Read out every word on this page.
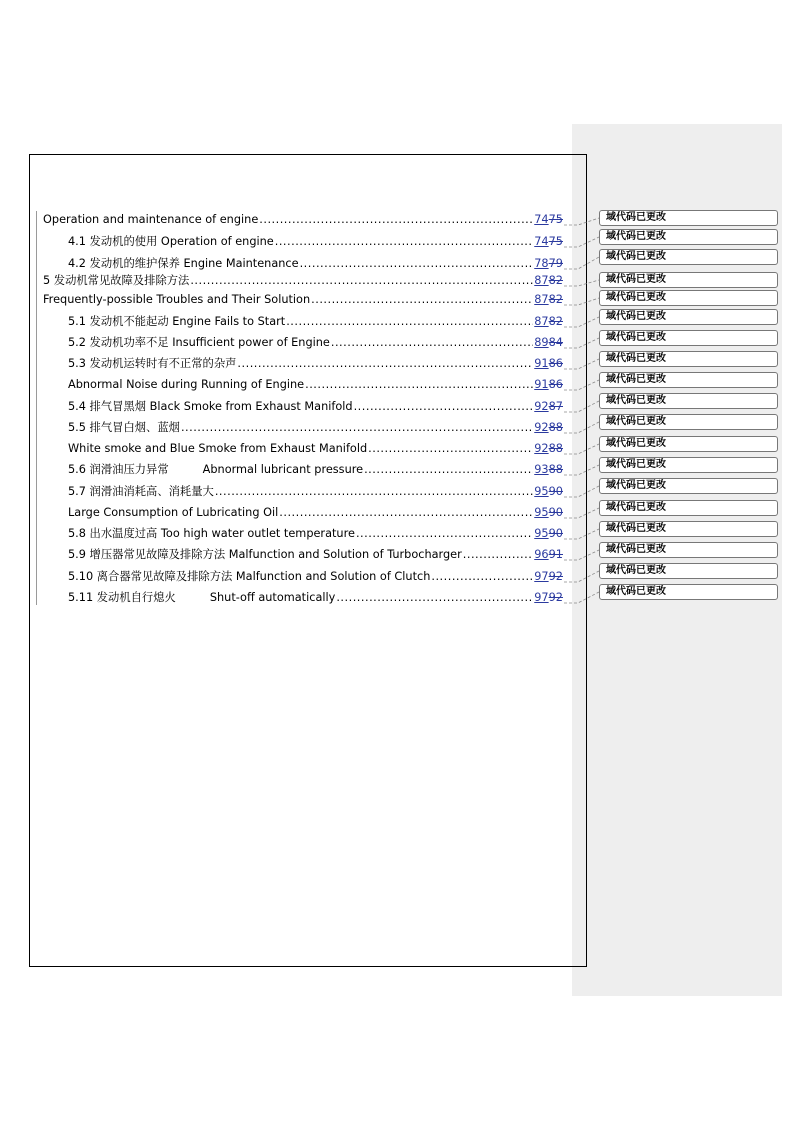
Operation and maintenance of engine .....	7475
4.1 发动机的使用 Operation of engine .....	7475
4.2 发动机的维护保养 Engine Maintenance .....	7879
5 发动机常见故障及排除方法 .....	8782
Frequently-possible Troubles and Their Solution .....	8782
5.1 发动机不能起动 Engine Fails to Start .....	8782
5.2 发动机功率不足 Insufficient power of Engine .....	8984
5.3 发动机运转时有不正常的杂声 .....	9186
Abnormal Noise during Running of Engine .....	9186
5.4 排气冒黑烟 Black Smoke from Exhaust Manifold .....	9287
5.5 排气冒白烟、蓝烟 .....	9288
White smoke and Blue Smoke from Exhaust Manifold .....	9288
5.6 润滑油压力异常	Abnormal lubricant pressure .....	9388
5.7 润滑油消耗高、消耗量大 .....	9590
Large Consumption of Lubricating Oil .....	9590
5.8 出水温度过高 Too high water outlet temperature .....	9590
5.9 增压器常见故障及排除方法 Malfunction and Solution of Turbocharger .....	9691
5.10 离合器常见故障及排除方法 Malfunction and Solution of Clutch .....	9792
5.11 发动机自行熄火	Shut-off automatically .....	9792
域代码已更改
域代码已更改
域代码已更改
域代码已更改
域代码已更改
域代码已更改
域代码已更改
域代码已更改
域代码已更改
域代码已更改
域代码已更改
域代码已更改
域代码已更改
域代码已更改
域代码已更改
域代码已更改
域代码已更改
域代码已更改
域代码已更改
